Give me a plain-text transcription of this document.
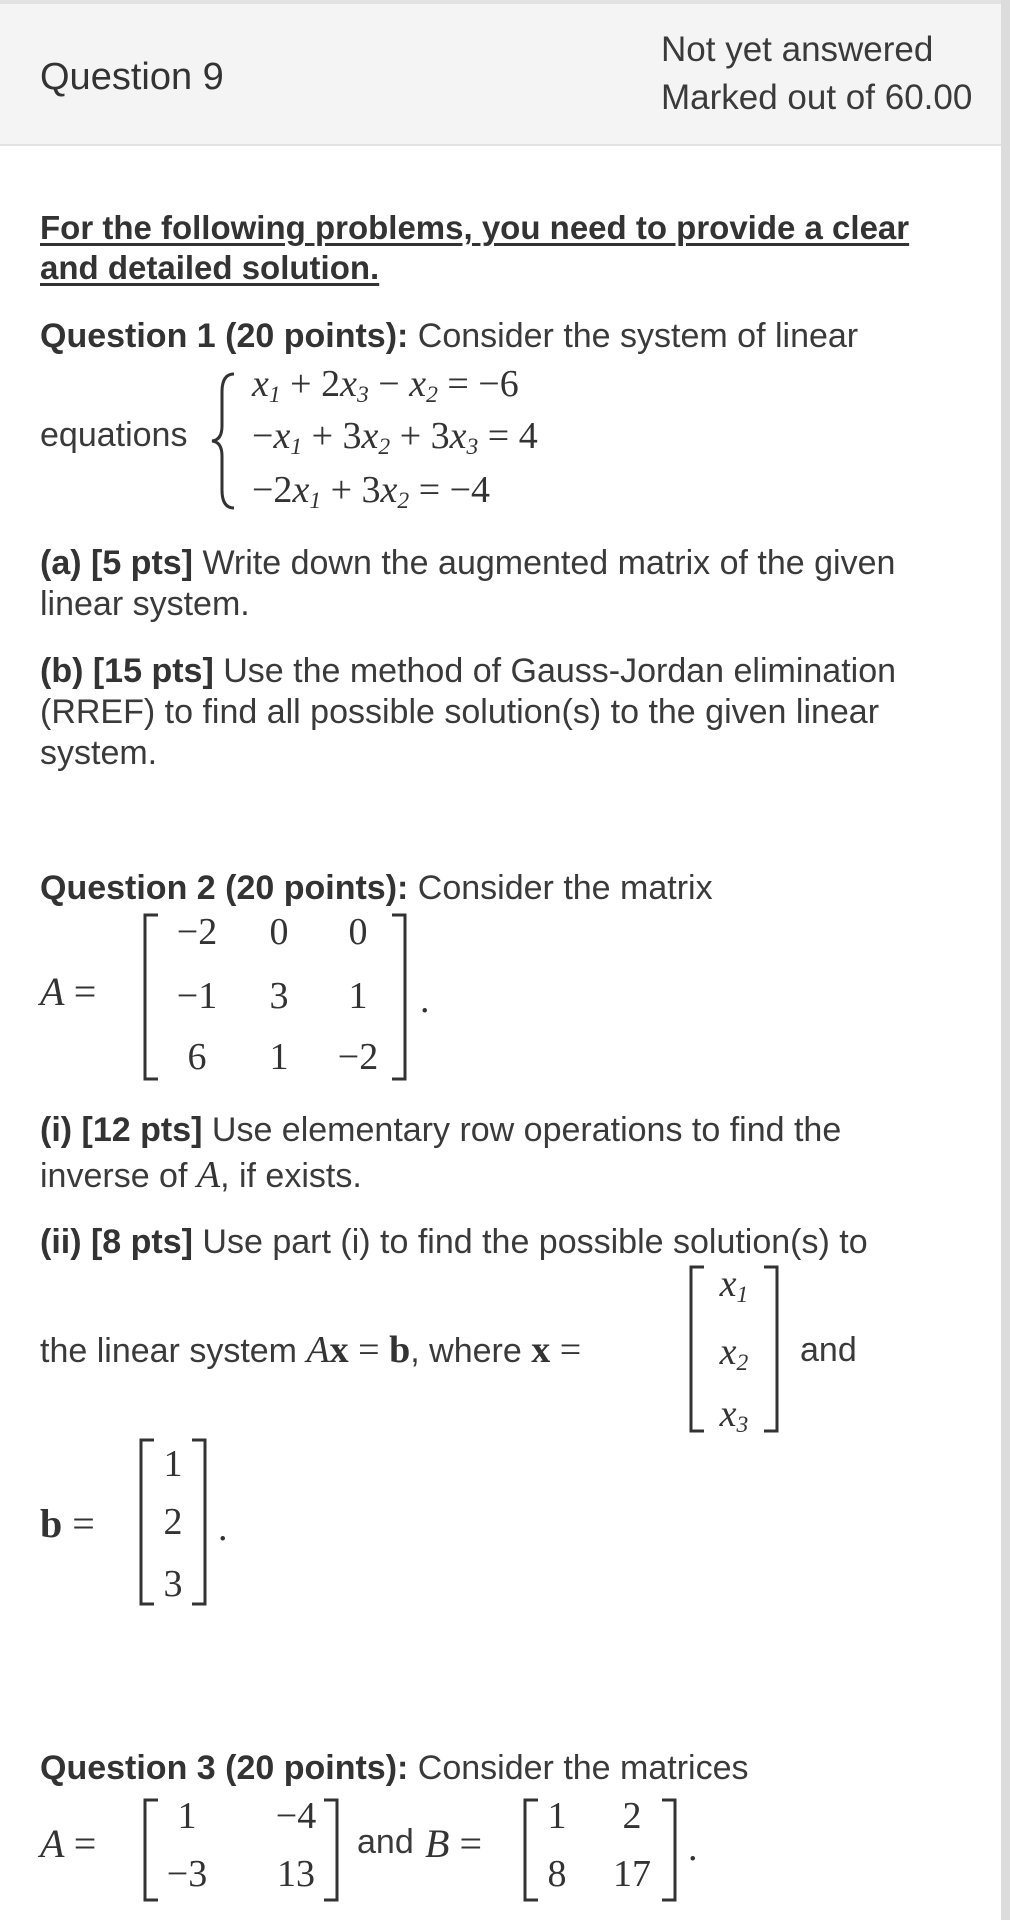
Question 9
Not yet answered
Marked out of 60.00
For the following problems, you need to provide a clear
and detailed solution.
Question 1 (20 points): Consider the system of linear
equations
$x_1 + 2x_3 - x_2 = -6$
$-x_1 + 3x_2 + 3x_3 = 4$
$-2x_1 + 3x_2 = -4$
(a) [5 pts] Write down the augmented matrix of the given
linear system.
(b) [15 pts] Use the method of Gauss-Jordan elimination
(RREF) to find all possible solution(s) to the given linear
system.
Question 2 (20 points): Consider the matrix
A =	.
−2	0	0
−1	3	1
6	1	−2
(i) [12 pts] Use elementary row operations to find the
inverse of A, if exists.
(ii) [8 pts] Use part (i) to find the possible solution(s) to
the linear system Ax = b, where x =
$x_1$
$x_2$
$x_3$
and
b =	.
1
2
3
Question 3 (20 points): Consider the matrices
A =
1	−4
−3	13
and B =	.
1	2
8	17
